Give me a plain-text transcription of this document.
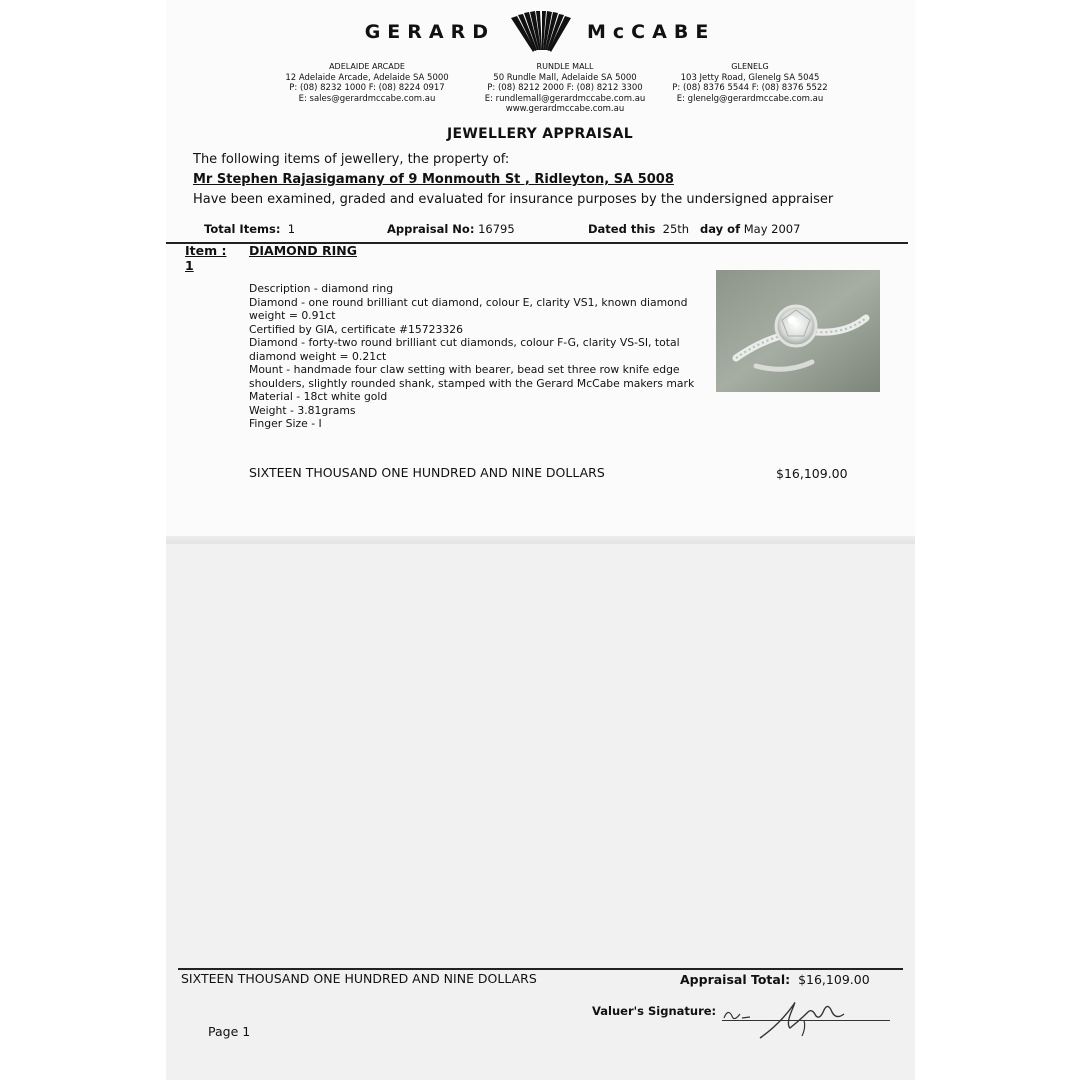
GERARD	McCABE
ADELAIDE ARCADE
12 Adelaide Arcade, Adelaide SA 5000
P: (08) 8232 1000 F: (08) 8224 0917
E: sales@gerardmccabe.com.au
RUNDLE MALL
50 Rundle Mall, Adelaide SA 5000
P: (08) 8212 2000 F: (08) 8212 3300
E: rundlemall@gerardmccabe.com.au
www.gerardmccabe.com.au
GLENELG
103 Jetty Road, Glenelg SA 5045
P: (08) 8376 5544 F: (08) 8376 5522
E: glenelg@gerardmccabe.com.au
JEWELLERY APPRAISAL
The following items of jewellery, the property of:
Mr Stephen Rajasigamany of 9 Monmouth St , Ridleyton, SA 5008
Have been examined, graded and evaluated for insurance purposes by the undersigned appraiser
Total Items: 1	Appraisal No: 16795	Dated this 25th day of May 2007
Item :
1
DIAMOND RING
Description - diamond ring
Diamond - one round brilliant cut diamond, colour E, clarity VS1, known diamond weight = 0.91ct
Certified by GIA, certificate #15723326
Diamond - forty-two round brilliant cut diamonds, colour F-G, clarity VS-SI, total diamond weight = 0.21ct
Mount - handmade four claw setting with bearer, bead set three row knife edge shoulders, slightly rounded shank, stamped with the Gerard McCabe makers mark
Material - 18ct white gold
Weight - 3.81grams
Finger Size - I
SIXTEEN THOUSAND ONE HUNDRED AND NINE DOLLARS	$16,109.00
SIXTEEN THOUSAND ONE HUNDRED AND NINE DOLLARS	Appraisal Total: $16,109.00
Valuer's Signature:
Page 1
